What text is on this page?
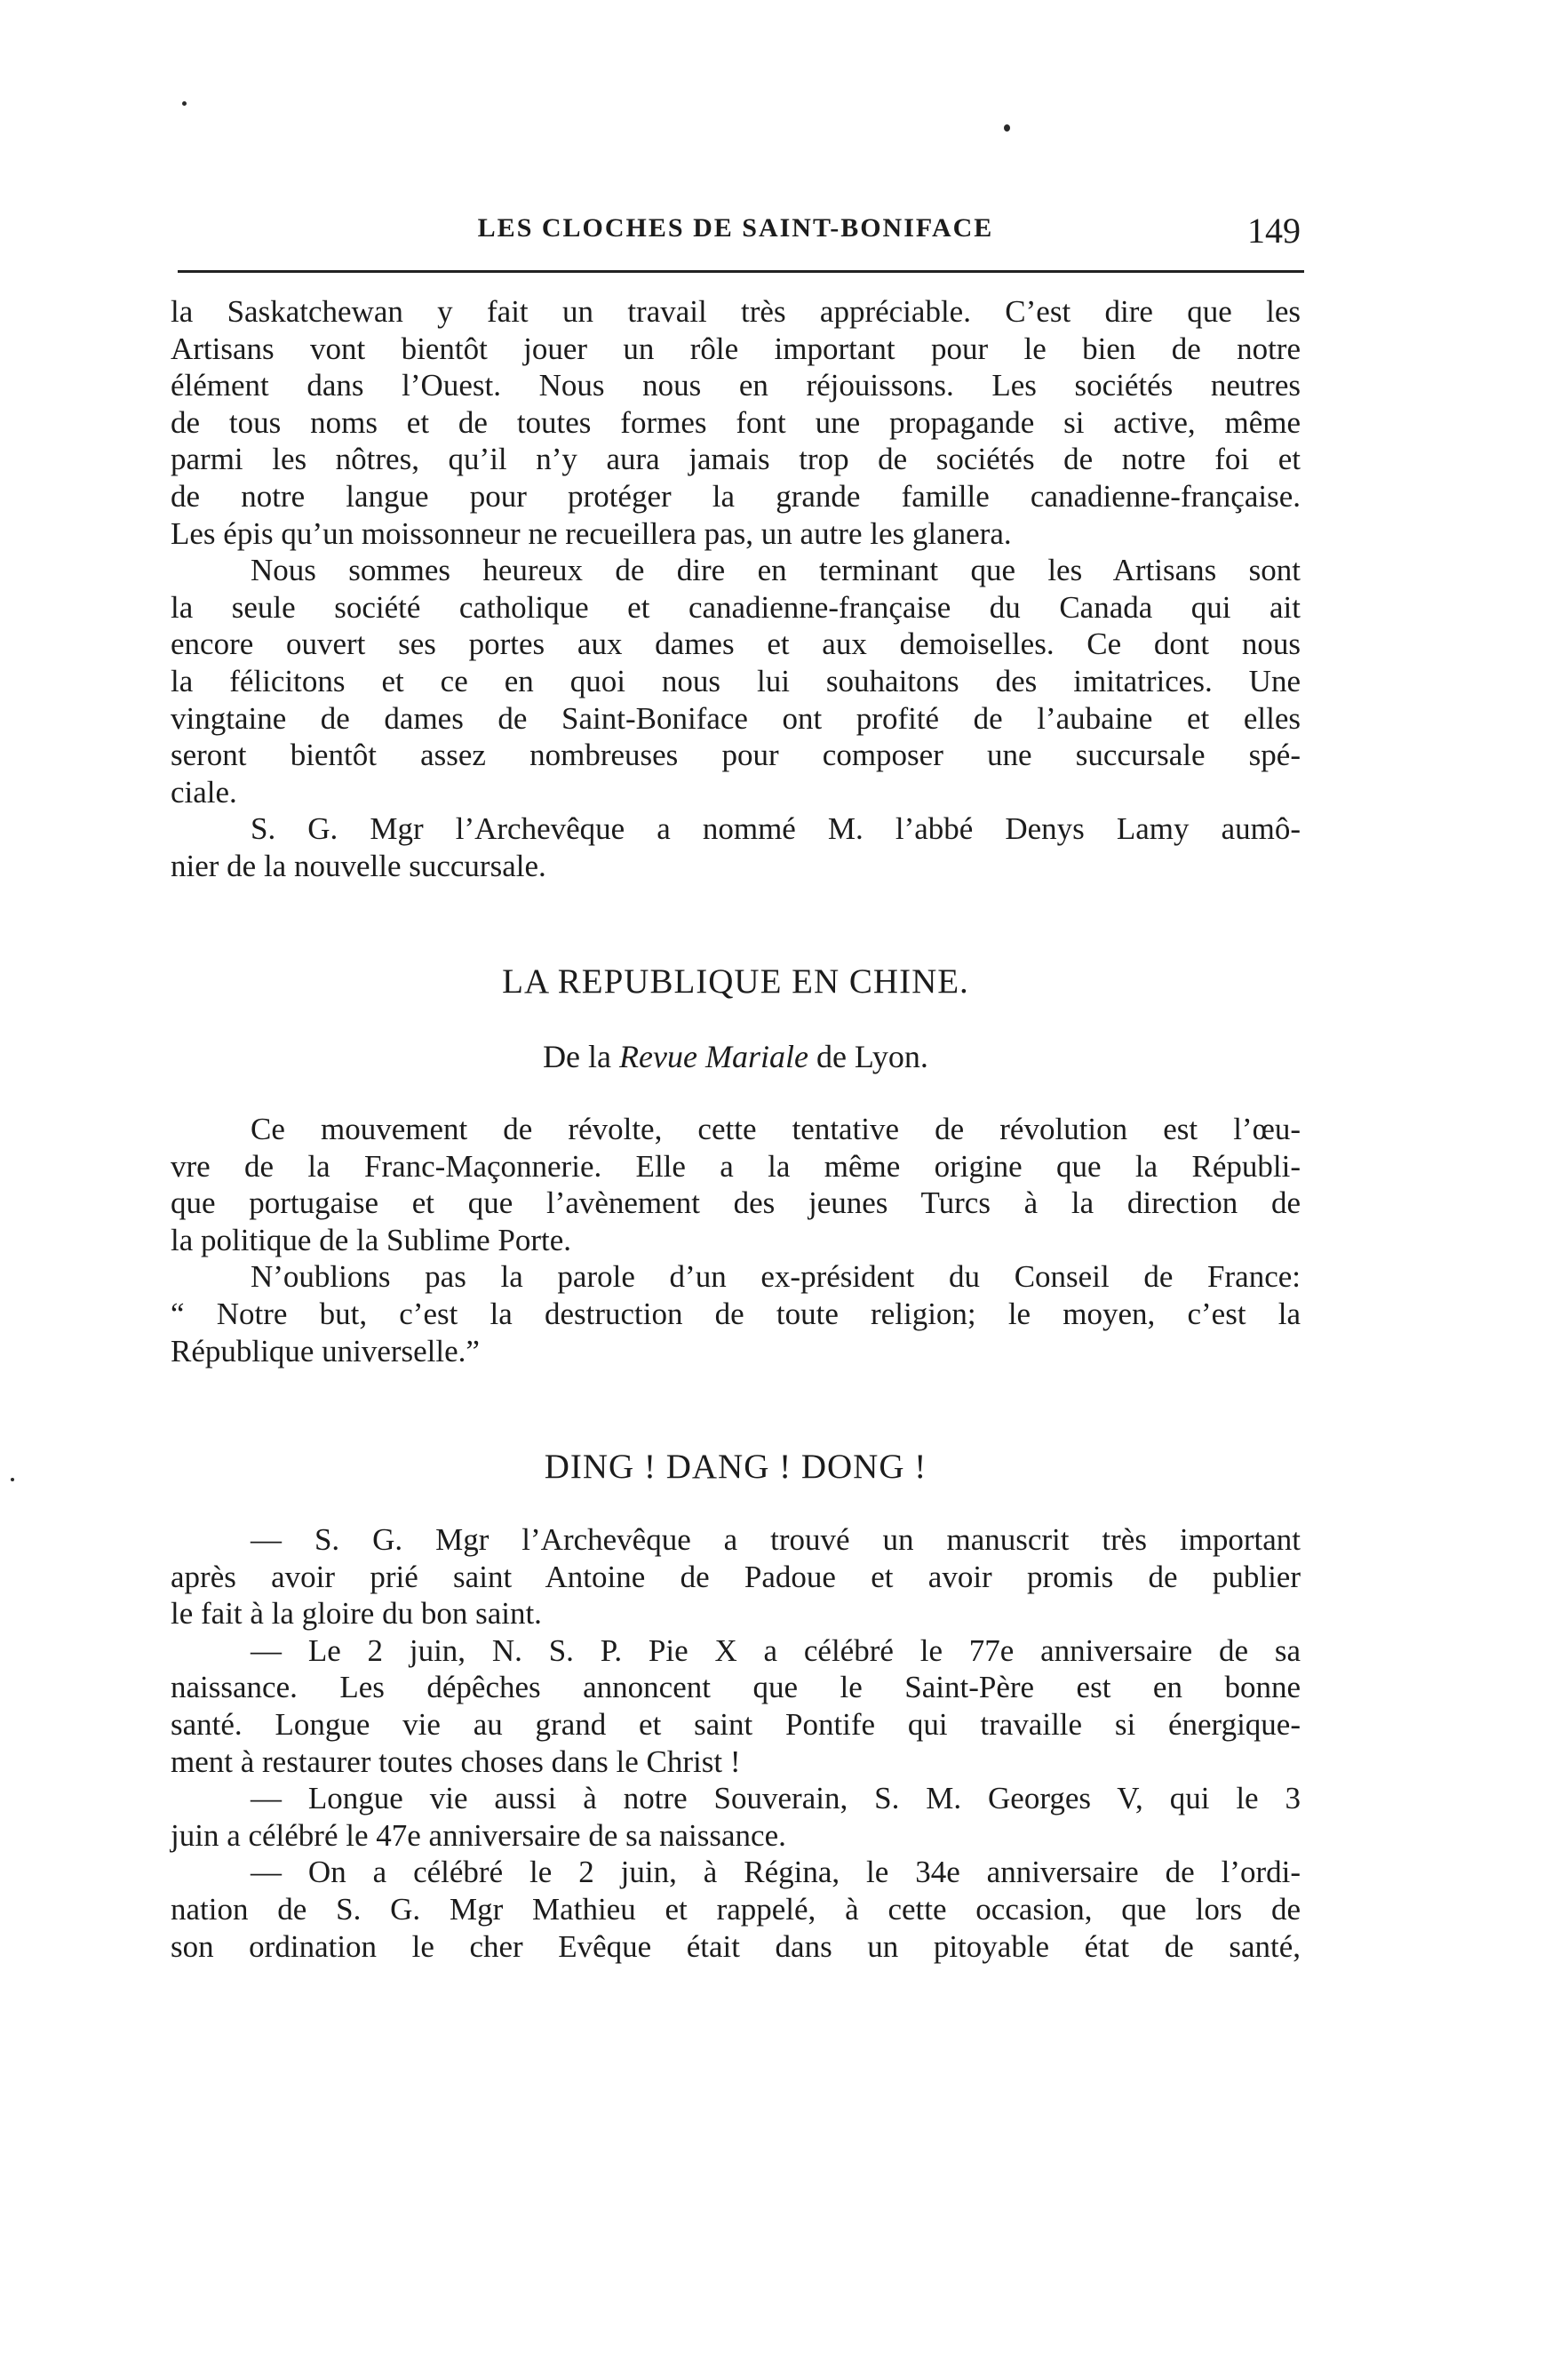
LES CLOCHES DE SAINT-BONIFACE	149
la Saskatchewan y fait un travail très appréciable. C’est dire que les
Artisans vont bientôt jouer un rôle important pour le bien de notre
élément dans l’Ouest. Nous nous en réjouissons. Les sociétés neutres
de tous noms et de toutes formes font une propagande si active, même
parmi les nôtres, qu’il n’y aura jamais trop de sociétés de notre foi et
de notre langue pour protéger la grande famille canadienne-française.
Les épis qu’un moissonneur ne recueillera pas, un autre les glanera.
Nous sommes heureux de dire en terminant que les Artisans sont
la seule société catholique et canadienne-française du Canada qui ait
encore ouvert ses portes aux dames et aux demoiselles. Ce dont nous
la félicitons et ce en quoi nous lui souhaitons des imitatrices. Une
vingtaine de dames de Saint-Boniface ont profité de l’aubaine et elles
seront bientôt assez nombreuses pour composer une succursale spé-
ciale.
S. G. Mgr l’Archevêque a nommé M. l’abbé Denys Lamy aumô-
nier de la nouvelle succursale.
LA REPUBLIQUE EN CHINE.
De la Revue Mariale de Lyon.
Ce mouvement de révolte, cette tentative de révolution est l’œu-
vre de la Franc-Maçonnerie. Elle a la même origine que la Républi-
que portugaise et que l’avènement des jeunes Turcs à la direction de
la politique de la Sublime Porte.
N’oublions pas la parole d’un ex-président du Conseil de France:
“ Notre but, c’est la destruction de toute religion; le moyen, c’est la
République universelle.”
DING ! DANG ! DONG !
— S. G. Mgr l’Archevêque a trouvé un manuscrit très important
après avoir prié saint Antoine de Padoue et avoir promis de publier
le fait à la gloire du bon saint.
— Le 2 juin, N. S. P. Pie X a célébré le 77e anniversaire de sa
naissance. Les dépêches annoncent que le Saint-Père est en bonne
santé. Longue vie au grand et saint Pontife qui travaille si énergique-
ment à restaurer toutes choses dans le Christ !
— Longue vie aussi à notre Souverain, S. M. Georges V, qui le 3
juin a célébré le 47e anniversaire de sa naissance.
— On a célébré le 2 juin, à Régina, le 34e anniversaire de l’ordi-
nation de S. G. Mgr Mathieu et rappelé, à cette occasion, que lors de
son ordination le cher Evêque était dans un pitoyable état de santé,
